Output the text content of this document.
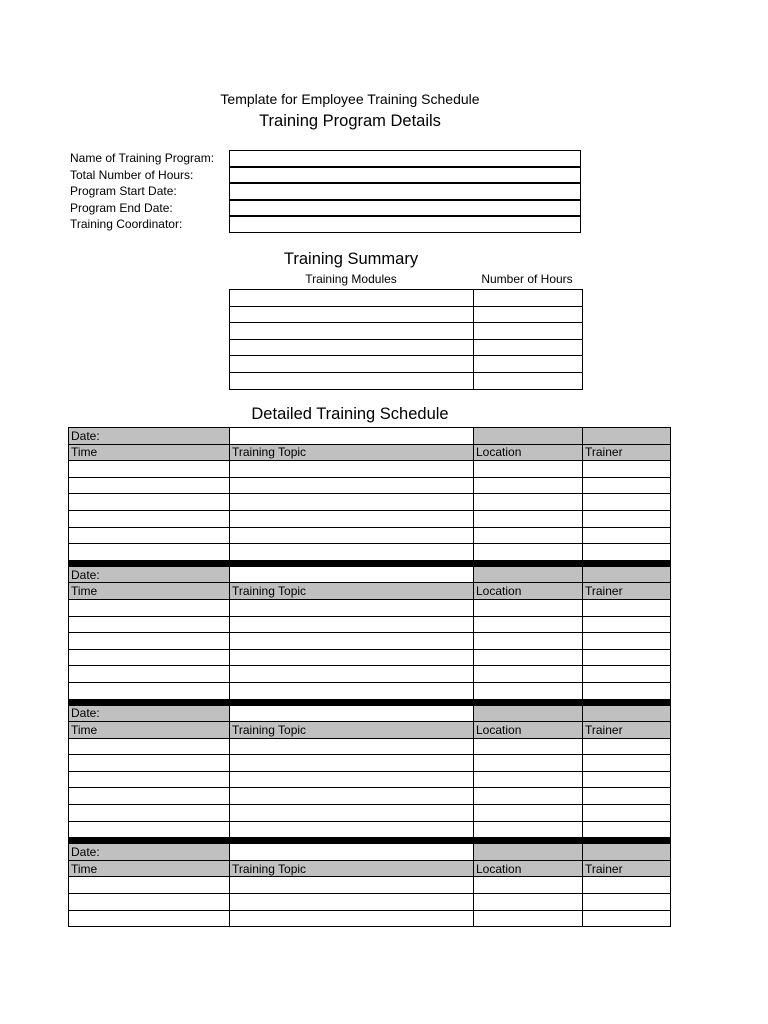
Template for Employee Training Schedule
Training Program Details
Name of Training Program:
Total Number of Hours:
Program Start Date:
Program End Date:
Training Coordinator:
Training Summary
Training Modules	Number of Hours

Detailed Training Schedule
Date:			
Time	Training Topic	Location	Trainer

Date:			
Time	Training Topic	Location	Trainer

Date:			
Time	Training Topic	Location	Trainer

Date:			
Time	Training Topic	Location	Trainer
